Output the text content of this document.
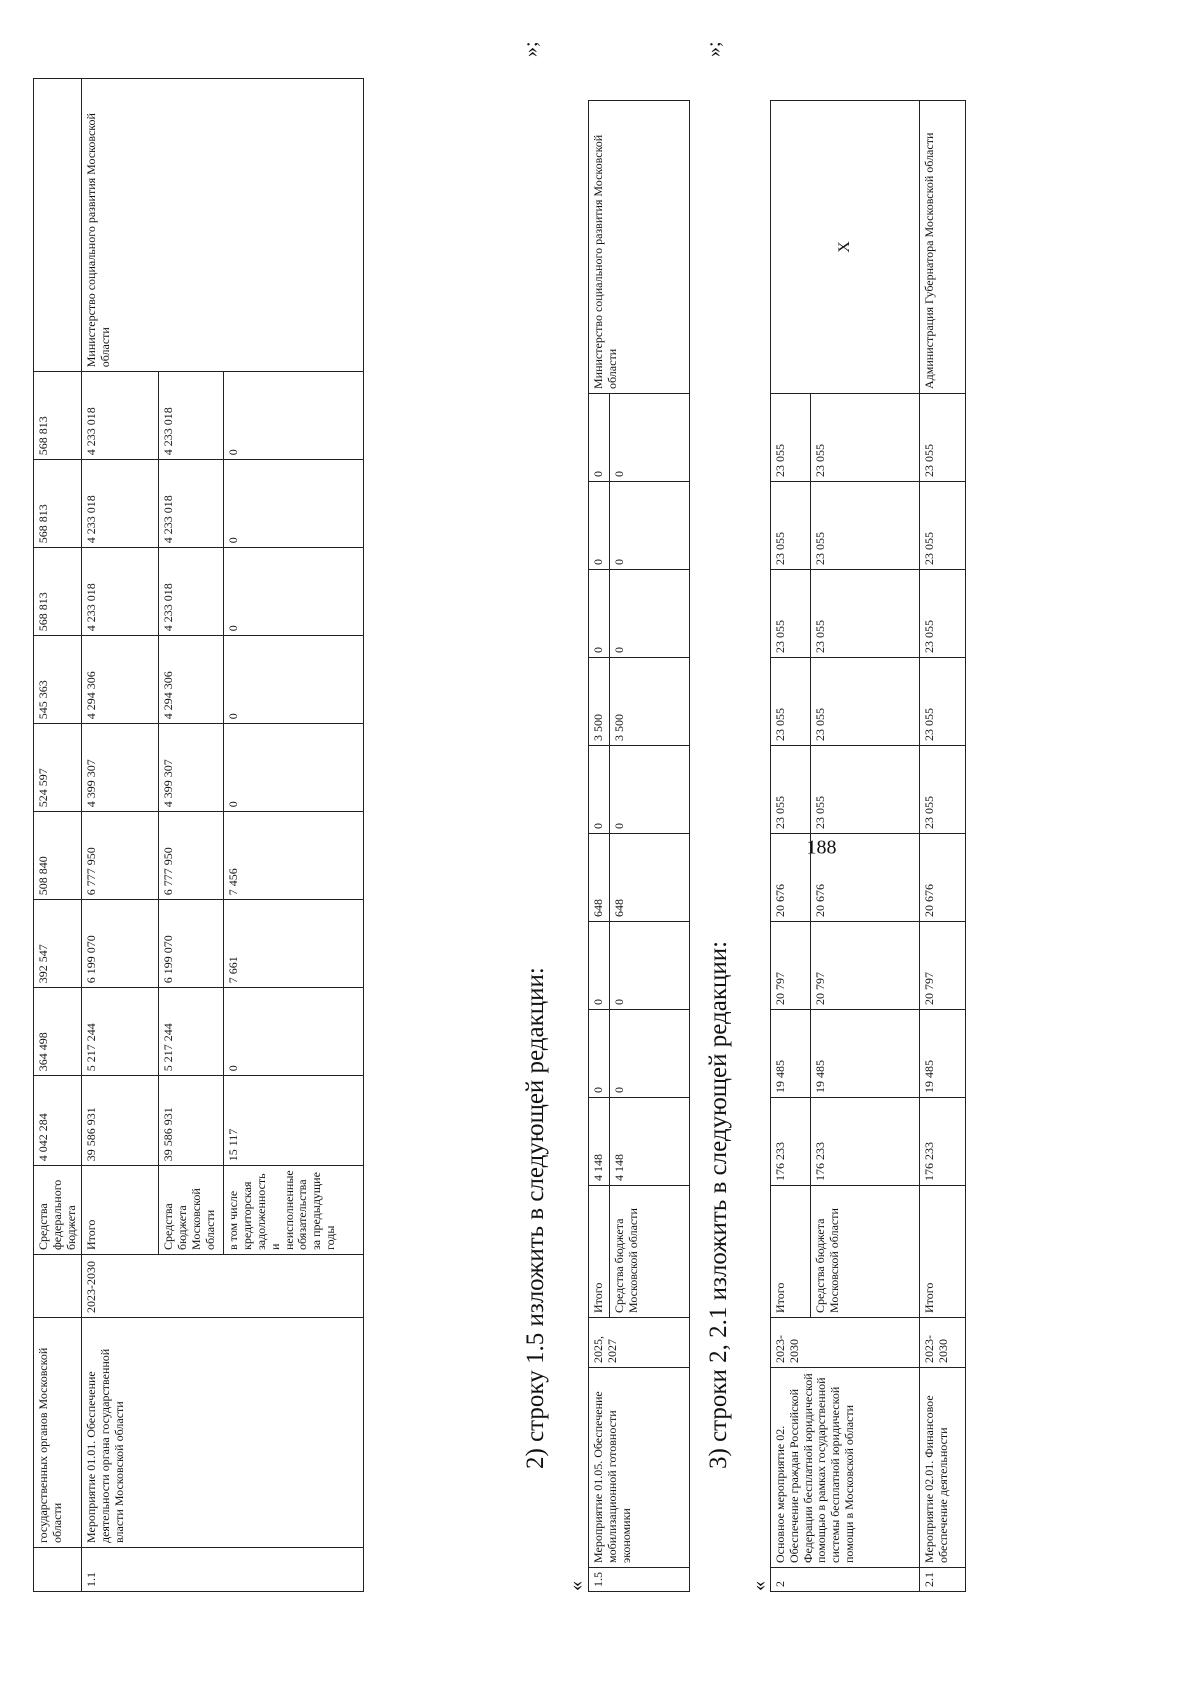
188
	государственных органов Московской области		Средства федерального бюджета	4 042 284	364 498	392 547	508 840	524 597	545 363	568 813	568 813	568 813	
1.1	Мероприятие 01.01. Обеспечение деятельности органа государственной власти Московской области	2023-2030	Итого	39 586 931	5 217 244	6 199 070	6 777 950	4 399 307	4 294 306	4 233 018	4 233 018	4 233 018	Министерство социального развития Московской области
			Средства бюджета Московской области	39 586 931	5 217 244	6 199 070	6 777 950	4 399 307	4 294 306	4 233 018	4 233 018	4 233 018	
			в том числе кредиторская задолженность и неисполненные обязательства за предыдущие годы	15 117	0	7 661	7 456	0	0	0	0	0	
»;
2) строку 1.5 изложить в следующей редакции:
« 1.5	Мероприятие 01.05. Обеспечение мобилизационной готовности экономики	2025, 2027	Итого	4 148	0	0	648	0	3 500	0	0	0	Министерство социального развития Московской области
			Средства бюджета Московской области	4 148	0	0	648	0	3 500	0	0	0	
»;
3) строки 2, 2.1 изложить в следующей редакции:
« 2	Основное мероприятие 02. Обеспечение граждан Российской Федерации бесплатной юридической помощью в рамках государственной системы бесплатной юридической помощи в Московской области	2023-2030	Итого	176 233	19 485	20 797	20 676	23 055	23 055	23 055	23 055	23 055	Х
			Средства бюджета Московской области	176 233	19 485	20 797	20 676	23 055	23 055	23 055	23 055	23 055	
2.1	Мероприятие 02.01. Финансовое обеспечение деятельности	2023-2030	Итого	176 233	19 485	20 797	20 676	23 055	23 055	23 055	23 055	23 055	Администрация Губернатора Московской области
